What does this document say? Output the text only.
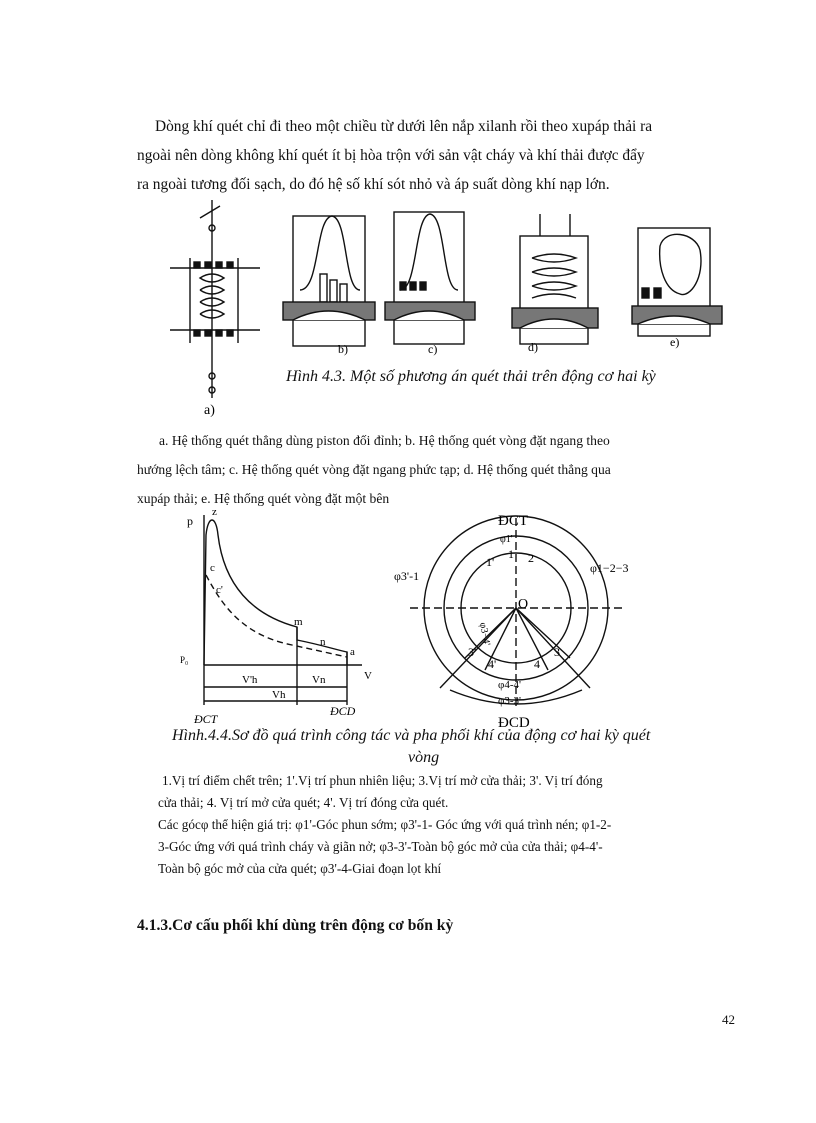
Dòng khí quét chỉ đi theo một chiều từ dưới lên nắp xilanh rồi theo xupáp thải ra

ngoài nên dòng không khí quét ít bị hòa trộn với sản vật cháy và khí thải được đẩy

ra ngoài tương đối sạch, do đó hệ số khí sót nhỏ và áp suất dòng khí nạp lớn.

b)	c)	d)	e)
a)
Hình 4.3. Một số phương án quét thải trên động cơ hai kỳ

a. Hệ thống quét thẳng dùng piston đối đỉnh; b. Hệ thống quét vòng đặt ngang theo

hướng lệch tâm; c. Hệ thống quét vòng đặt ngang phức tạp; d. Hệ thống quét thẳng qua

xupáp thải; e. Hệ thống quét vòng đặt một bên

p
z
c
c'
m
n
a
P₀
V
V'h	Vn
Vh
ĐCT
ĐCD
ĐCT
φ1'
1'
1 2
φ1−2−3
φ3'-1
O
φ3−4'
3'
4'	4
3
φ4-4'
φ3-3'
ĐCD
Hình.4.4.Sơ đồ quá trình công tác và pha phối khí của động cơ hai kỳ quét
vòng

1.Vị trí điểm chết trên; 1'.Vị trí phun nhiên liệu; 3.Vị trí mở cửa thải; 3'. Vị trí đóng

cửa thải; 4. Vị trí mở cửa quét; 4'. Vị trí đóng cửa quét.

Các gócφ thể hiện giá trị: φ1'-Góc phun sớm; φ3'-1- Góc ứng với quá trình nén; φ1-2-

3-Góc ứng với quá trình cháy và giãn nở; φ3-3'-Toàn bộ góc mở của cửa thải; φ4-4'-

Toàn bộ góc mở của cửa quét; φ3'-4-Giai đoạn lọt khí

4.1.3.Cơ cấu phối khí dùng trên động cơ bốn kỳ
42
